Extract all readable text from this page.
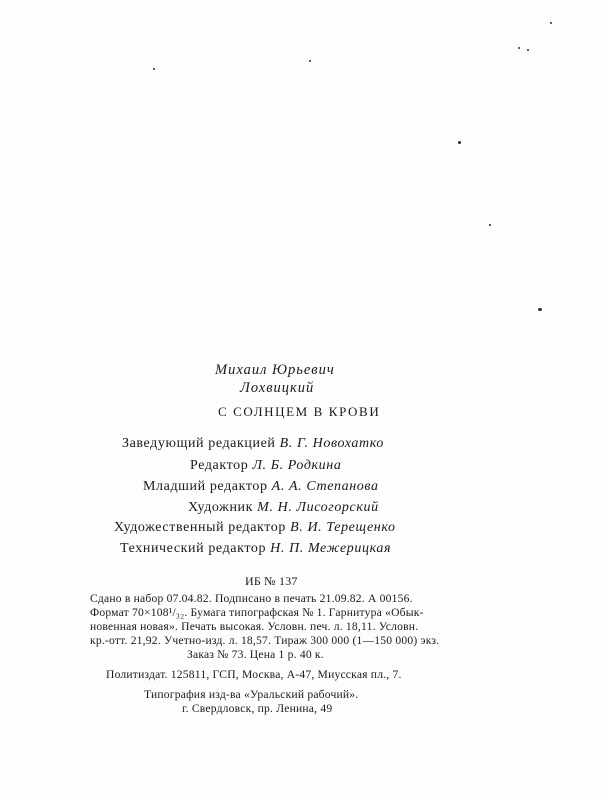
Михаил Юрьевич
Лохвицкий
С СОЛНЦЕМ В КРОВИ
Заведующий редакцией В. Г. Новохатко
Редактор Л. Б. Родкина
Младший редактор А. А. Степанова
Художник М. Н. Лисогорский
Художественный редактор В. И. Терещенко
Технический редактор Н. П. Межерицкая
ИБ № 137
Сдано в набор 07.04.82. Подписано в печать 21.09.82. А 00156.
Формат 70×108¹/₃₂. Бумага типографская № 1. Гарнитура «Обык-
новенная новая». Печать высокая. Условн. печ. л. 18,11. Условн.
кр.-отт. 21,92. Учетно-изд. л. 18,57. Тираж 300 000 (1—150 000) экз.
Заказ № 73. Цена 1 р. 40 к.
Политиздат. 125811, ГСП, Москва, А-47, Миусская пл., 7.
Типография изд-ва «Уральский рабочий».
г. Свердловск, пр. Ленина, 49
